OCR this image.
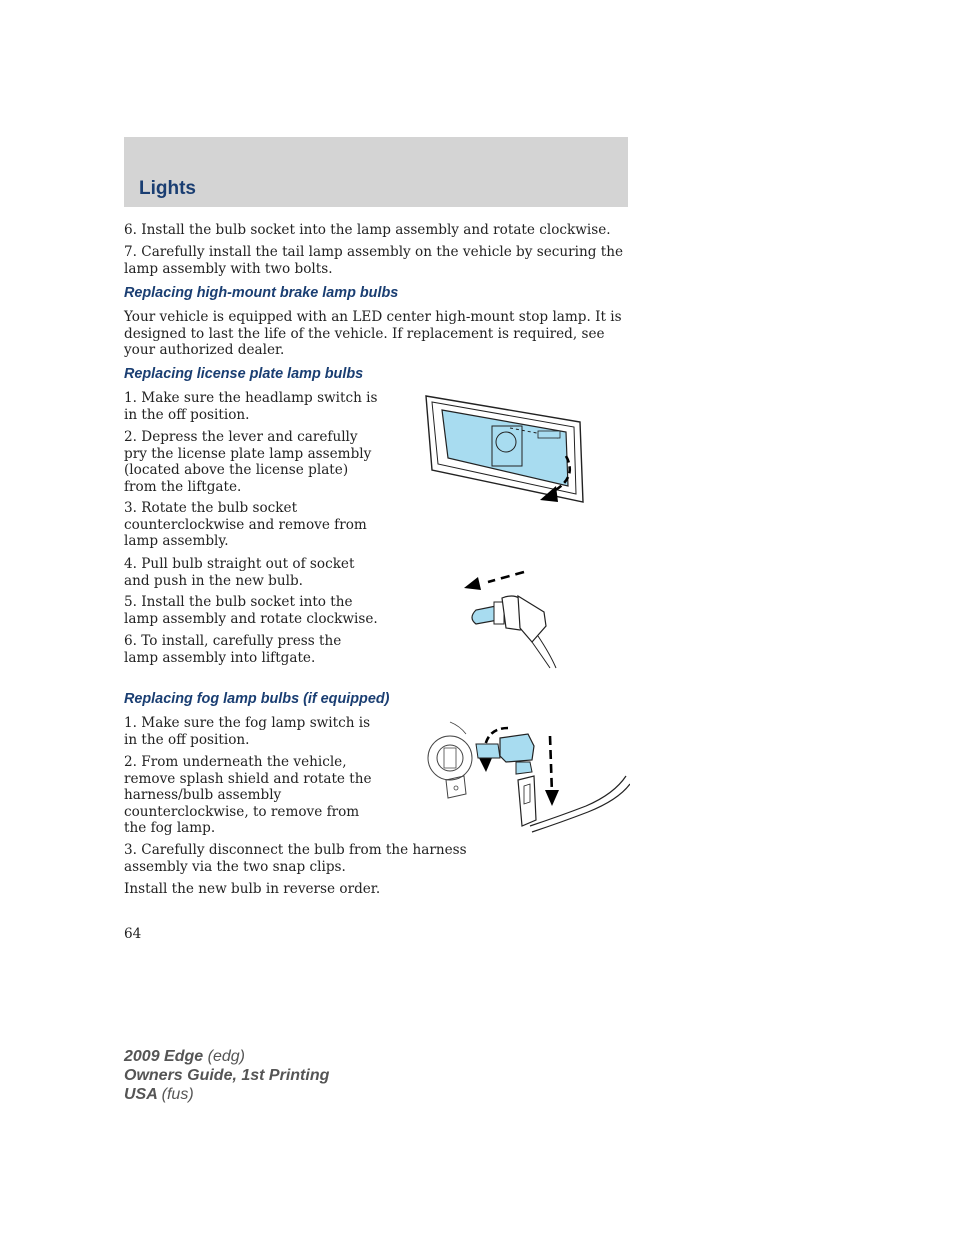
Lights

6. Install the bulb socket into the lamp assembly and rotate clockwise.

7. Carefully install the tail lamp assembly on the vehicle by securing the lamp assembly with two bolts.

Replacing high-mount brake lamp bulbs

Your vehicle is equipped with an LED center high-mount stop lamp. It is designed to last the life of the vehicle. If replacement is required, see your authorized dealer.

Replacing license plate lamp bulbs

1. Make sure the headlamp switch is in the off position.

2. Depress the lever and carefully pry the license plate lamp assembly (located above the license plate) from the liftgate.

3. Rotate the bulb socket counterclockwise and remove from lamp assembly.

4. Pull bulb straight out of socket and push in the new bulb.

5. Install the bulb socket into the lamp assembly and rotate clockwise.

6. To install, carefully press the lamp assembly into liftgate.

Replacing fog lamp bulbs (if equipped)

1. Make sure the fog lamp switch is in the off position.

2. From underneath the vehicle, remove splash shield and rotate the harness/bulb assembly counterclockwise, to remove from the fog lamp.

3. Carefully disconnect the bulb from the harness assembly via the two snap clips.

Install the new bulb in reverse order.

64
2009 Edge (edg)
Owners Guide, 1st Printing
USA (fus)
